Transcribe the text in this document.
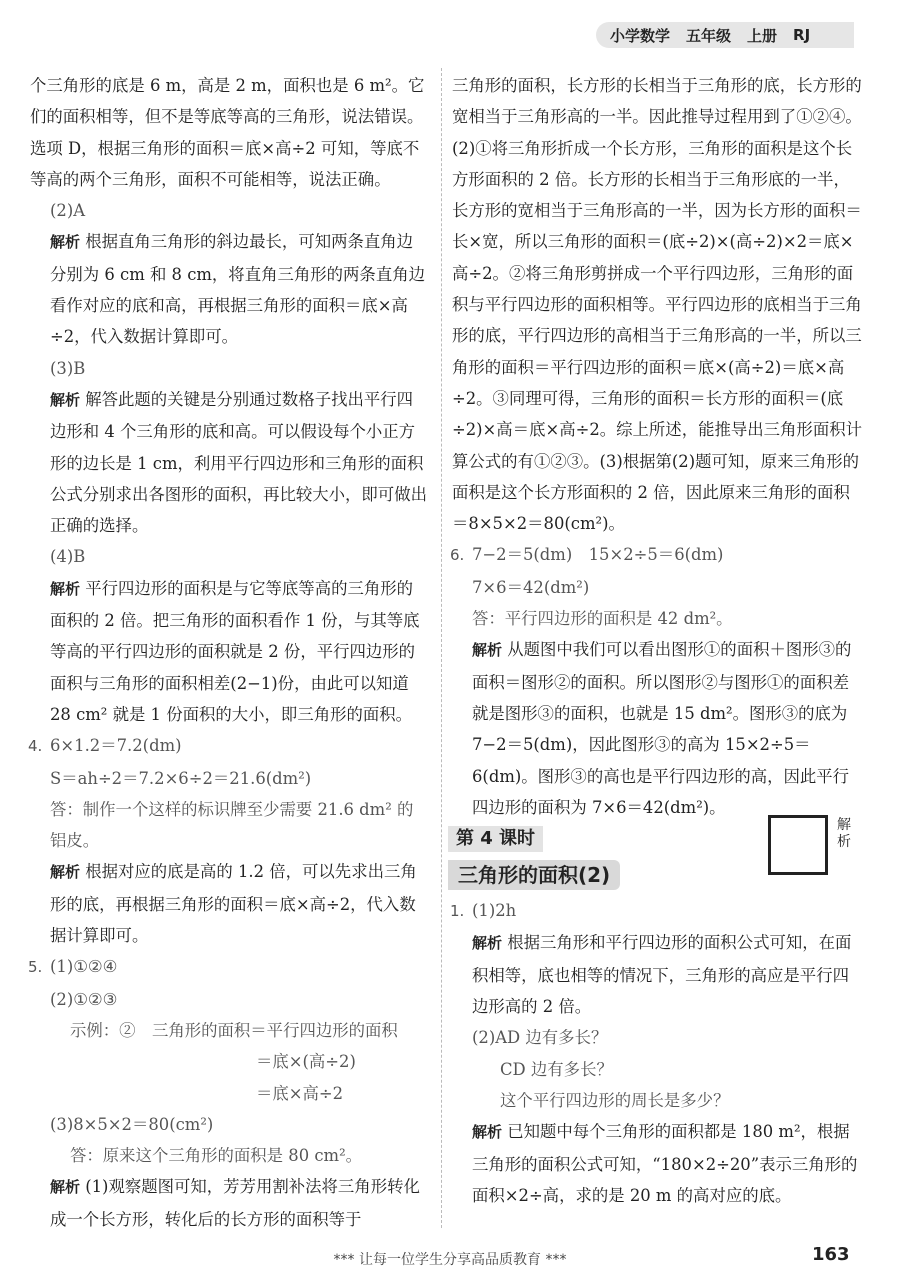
小学数学 五年级 上册 RJ

个三角形的底是 6 m，高是 2 m，面积也是 6 m²。它们的面积相等，但不是等底等高的三角形，说法错误。选项 D，根据三角形的面积＝底×高÷2 可知，等底不等高的两个三角形，面积不可能相等，说法正确。

(2)A

解析 根据直角三角形的斜边最长，可知两条直角边分别为 6 cm 和 8 cm，将直角三角形的两条直角边看作对应的底和高，再根据三角形的面积＝底×高÷2，代入数据计算即可。

(3)B

解析 解答此题的关键是分别通过数格子找出平行四边形和 4 个三角形的底和高。可以假设每个小正方形的边长是 1 cm，利用平行四边形和三角形的面积公式分别求出各图形的面积，再比较大小，即可做出正确的选择。

(4)B

解析 平行四边形的面积是与它等底等高的三角形的面积的 2 倍。把三角形的面积看作 1 份，与其等底等高的平行四边形的面积就是 2 份，平行四边形的面积与三角形的面积相差(2−1)份，由此可以知道 28 cm² 就是 1 份面积的大小，即三角形的面积。

4. 6×1.2＝7.2(dm)

S＝ah÷2＝7.2×6÷2＝21.6(dm²)

答：制作一个这样的标识牌至少需要 21.6 dm² 的铝皮。

解析 根据对应的底是高的 1.2 倍，可以先求出三角形的底，再根据三角形的面积＝底×高÷2，代入数据计算即可。

5. (1)①②④

(2)①②③

示例：②　三角形的面积＝平行四边形的面积

＝底×(高÷2)

＝底×高÷2

(3)8×5×2＝80(cm²)

答：原来这个三角形的面积是 80 cm²。

解析 (1)观察题图可知，芳芳用割补法将三角形转化成一个长方形，转化后的长方形的面积等于

三角形的面积，长方形的长相当于三角形的底，长方形的宽相当于三角形高的一半。因此推导过程用到了①②④。(2)①将三角形折成一个长方形，三角形的面积是这个长方形面积的 2 倍。长方形的长相当于三角形底的一半，长方形的宽相当于三角形高的一半，因为长方形的面积＝长×宽，所以三角形的面积＝(底÷2)×(高÷2)×2＝底×高÷2。②将三角形剪拼成一个平行四边形，三角形的面积与平行四边形的面积相等。平行四边形的底相当于三角形的底，平行四边形的高相当于三角形高的一半，所以三角形的面积＝平行四边形的面积＝底×(高÷2)＝底×高÷2。③同理可得，三角形的面积＝长方形的面积＝(底÷2)×高＝底×高÷2。综上所述，能推导出三角形面积计算公式的有①②③。(3)根据第(2)题可知，原来三角形的面积是这个长方形面积的 2 倍，因此原来三角形的面积＝8×5×2＝80(cm²)。

6. 7−2＝5(dm)　15×2÷5＝6(dm)

7×6＝42(dm²)

答：平行四边形的面积是 42 dm²。

解析 从题图中我们可以看出图形①的面积＋图形③的面积＝图形②的面积。所以图形②与图形①的面积差就是图形③的面积，也就是 15 dm²。图形③的底为 7−2＝5(dm)，因此图形③的高为 15×2÷5＝6(dm)。图形③的高也是平行四边形的高，因此平行四边形的面积为 7×6＝42(dm²)。

第 4 课时
三角形的面积(2)
解析

1. (1)2h

解析 根据三角形和平行四边形的面积公式可知，在面积相等，底也相等的情况下，三角形的高应是平行四边形高的 2 倍。

(2)AD 边有多长？

CD 边有多长？

这个平行四边形的周长是多少？

解析 已知题中每个三角形的面积都是 180 m²，根据三角形的面积公式可知，“180×2÷20”表示三角形的面积×2÷高，求的是 20 m 的高对应的底。

*** 让每一位学生分享高品质教育 ***	163
